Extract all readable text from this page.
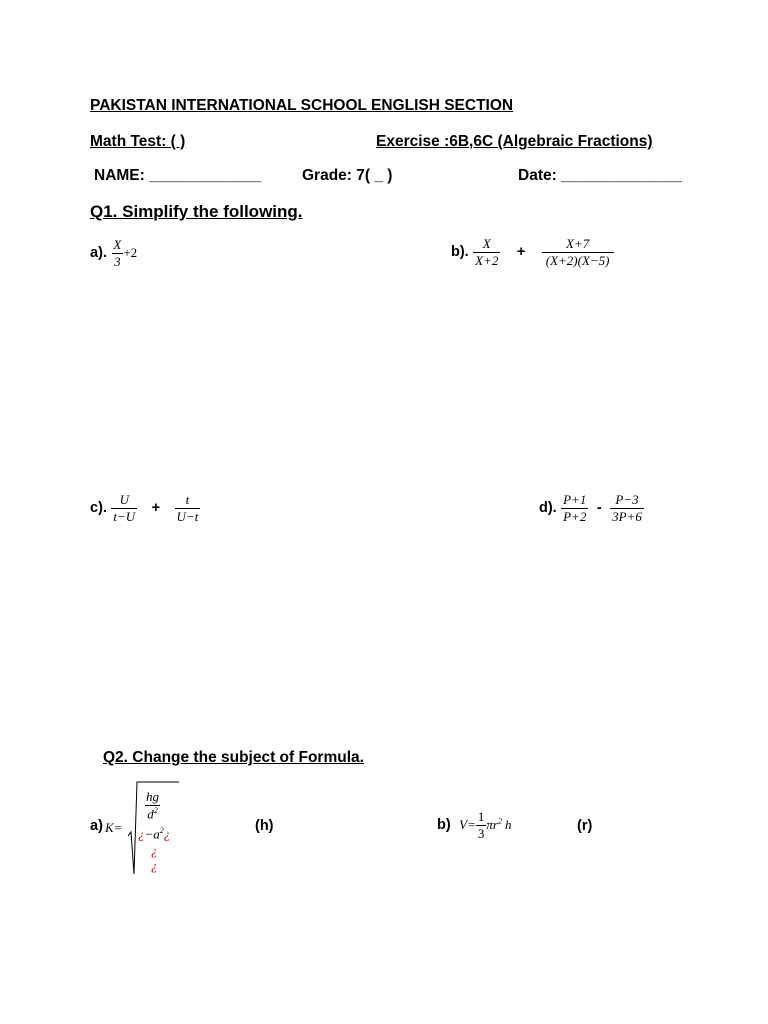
PAKISTAN INTERNATIONAL SCHOOL ENGLISH SECTION
Math Test: ( )	Exercise :6B,6C (Algebraic Fractions)
NAME: _____________	Grade: 7( _ )	Date: ______________
Q1. Simplify the following.
a). $\frac{X}{3} +2$	b). $\frac{X}{X+2} + \frac{X+7}{(X+2)(X-5)}$
c). $\frac{U}{t-U} + \frac{t}{U-t}$	d). $\frac{P+1}{P+2} - \frac{P-3}{3P+6}$
Q2. Change the subject of Formula.
a) K=
$\frac{hg}{d^2}$
¿$-a^2¿$
¿
¿
(h)	b) $V= \frac{1}{3} \pi r^2$ h	(r)
